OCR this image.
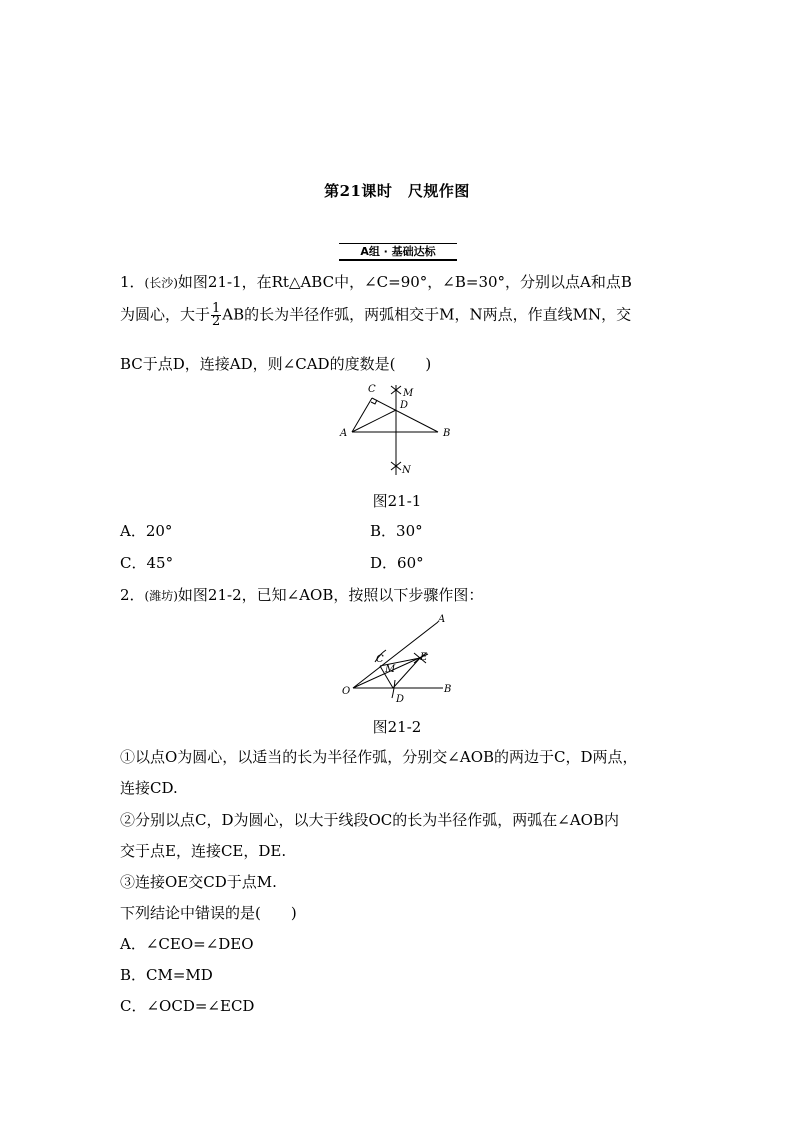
第21课时　尺规作图
A组 · 基础达标
1．(长沙)如图21-1，在Rt△ABC中，∠C=90°，∠B=30°，分别以点A和点B
为圆心，大于 $\frac{1}{2}$ AB的长为半径作弧，两弧相交于M，N两点，作直线MN，交
BC于点D，连接AD，则∠CAD的度数是(　　)
A	B
C
D
M
N
图21-1
A．20°	B．30°
C．45°	D．60°
2．(潍坊)如图21-2，已知∠AOB，按照以下步骤作图：
O
A
B
C
D
E
M
图21-2
①以点O为圆心，以适当的长为半径作弧，分别交∠AOB的两边于C，D两点，
连接CD.
②分别以点C，D为圆心，以大于线段OC的长为半径作弧，两弧在∠AOB内
交于点E，连接CE，DE.
③连接OE交CD于点M.
下列结论中错误的是(　　)
A．∠CEO=∠DEO
B．CM=MD
C．∠OCD=∠ECD
